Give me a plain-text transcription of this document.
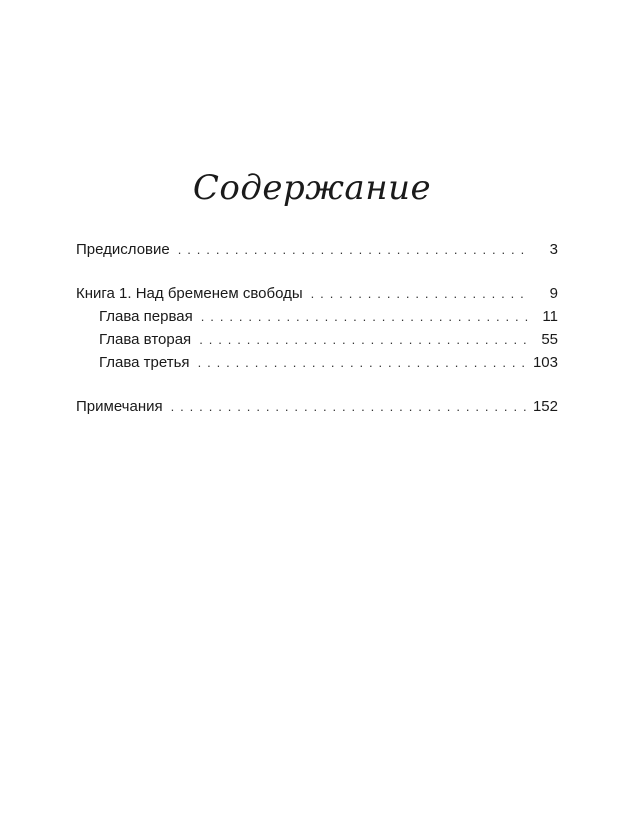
Содержание
Предисловие . . .	3
Книга 1. Над бременем свободы . . .	9
Глава первая . . .	11
Глава вторая . . .	55
Глава третья . . .	103
Примечания . . .	152
